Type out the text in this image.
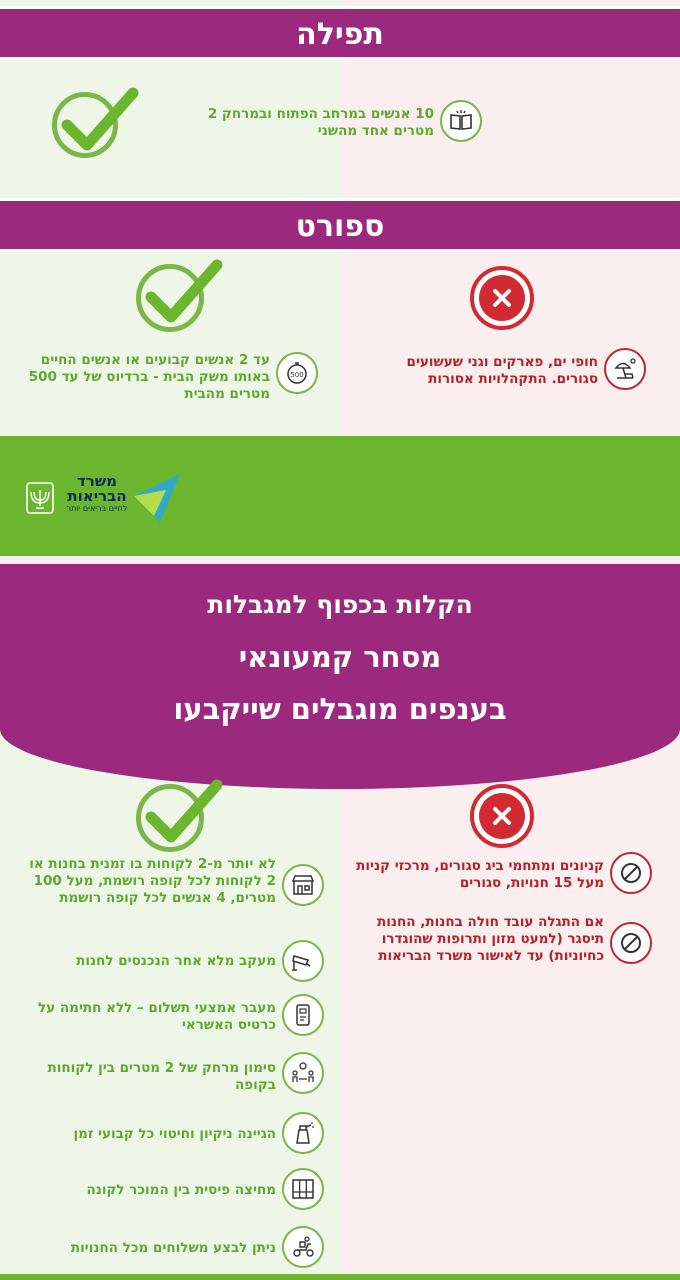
תפילה
10 אנשים במרחב הפתוח ובמרחק 2 מטרים אחד מהשני
ספורט
חופי ים, פארקים וגני שעשועים סגורים. התקהלויות אסורות
500
עד 2 אנשים קבועים או אנשים החיים באותו משק הבית - ברדיוס של עד 500 מטרים מהבית
משרד
הבריאות
לחיים בריאים יותר
הקלות בכפוף למגבלות
מסחר קמעונאי
בענפים מוגבלים שייקבעו
קניונים ומתחמי ביג סגורים, מרכזי קניות מעל 15 חנויות, סגורים
אם התגלה עובד חולה בחנות, החנות תיסגר (למעט מזון ותרופות שהוגדרו כחיוניות) עד לאישור משרד הבריאות
לא יותר מ-2 לקוחות בו זמנית בחנות או 2 לקוחות לכל קופה רושמת, מעל 100 מטרים, 4 אנשים לכל קופה רושמת
מעקב מלא אחר הנכנסים לחנות
מעבר אמצעי תשלום – ללא חתימה על כרטיס האשראי
סימון מרחק של 2 מטרים בין לקוחות בקופה
הגיינה ניקיון וחיטוי כל קבועי זמן
מחיצה פיסית בין המוכר לקונה
ניתן לבצע משלוחים מכל החנויות
